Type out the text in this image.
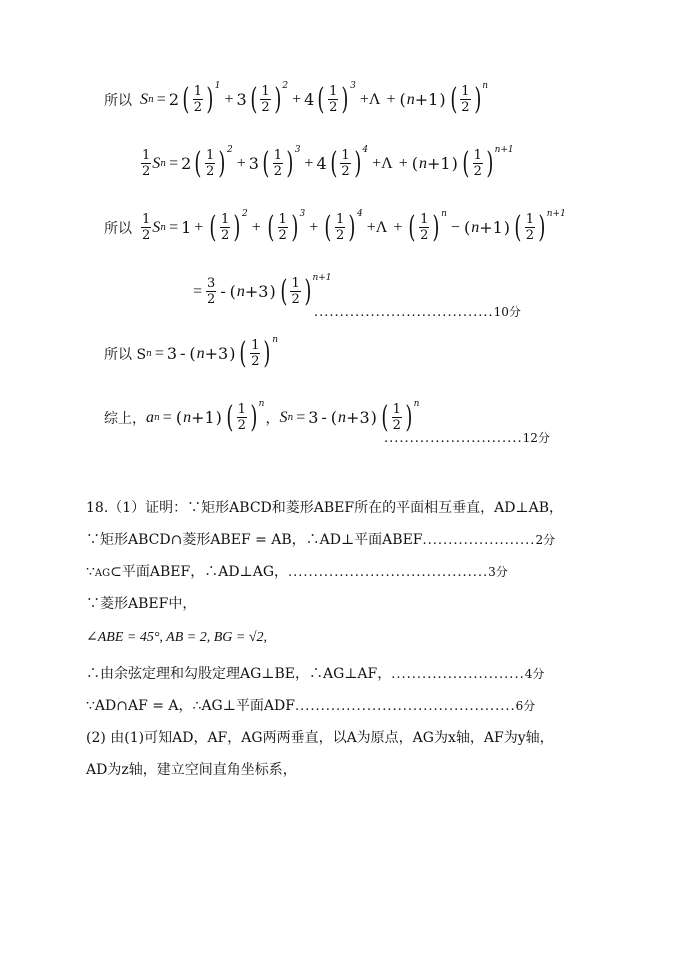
所以 S n = 2 ( $\frac{1}{2} )^1$
+ 3 ( $\frac{1}{2} )^2$
+ 4 ( $\frac{1}{2} )^3$
+Λ + ( n +1 ) ( $\frac{1}{2} )^n$
$\frac{1}{2}$ S n = 2 ( $\frac{1}{2} )^2$
+ 3 ( $\frac{1}{2} )^3$
+ 4 ( $\frac{1}{2} )^4$
+Λ + ( n +1 ) ( $\frac{1}{2} )^{n+1}$
所以 $\frac{1}{2}$ S n = 1 + ( $\frac{1}{2} )^2$
+ ( $\frac{1}{2} )^3$
+ ( $\frac{1}{2} )^4$
+Λ + ( $\frac{1}{2} )^n$
− ( n +1 ) ( $\frac{1}{2} )^{n+1}$
= $\frac{3}{2}$ - ( n +3 ) ( $\frac{1}{2} )^{n+1}$
...................................10分
所以 S n = 3 - ( n +3 ) ( $\frac{1}{2} )^n$
综上， a n = ( n +1 ) ( $\frac{1}{2} )^n$
， S n = 3 - ( n +3 ) ( $\frac{1}{2} )^n$
...........................12分
18.（1）证明：∵矩形ABCD和菱形ABEF所在的平面相互垂直，AD⊥AB，
∵矩形ABCD∩菱形ABEF = AB，∴AD⊥平面ABEF......................2分
∵AG⊂平面ABEF，∴AD⊥AG，.......................................3分
∵菱形ABEF中，
∠ABE = 45°, AB = 2, BG = √2,
∴由余弦定理和勾股定理AG⊥BE，∴AG⊥AF，..........................4分
∵AD∩AF = A，∴AG⊥平面ADF...........................................6分
(2) 由(1)可知AD，AF，AG两两垂直，以A为原点，AG为x轴，AF为y轴，
AD为z轴，建立空间直角坐标系，
